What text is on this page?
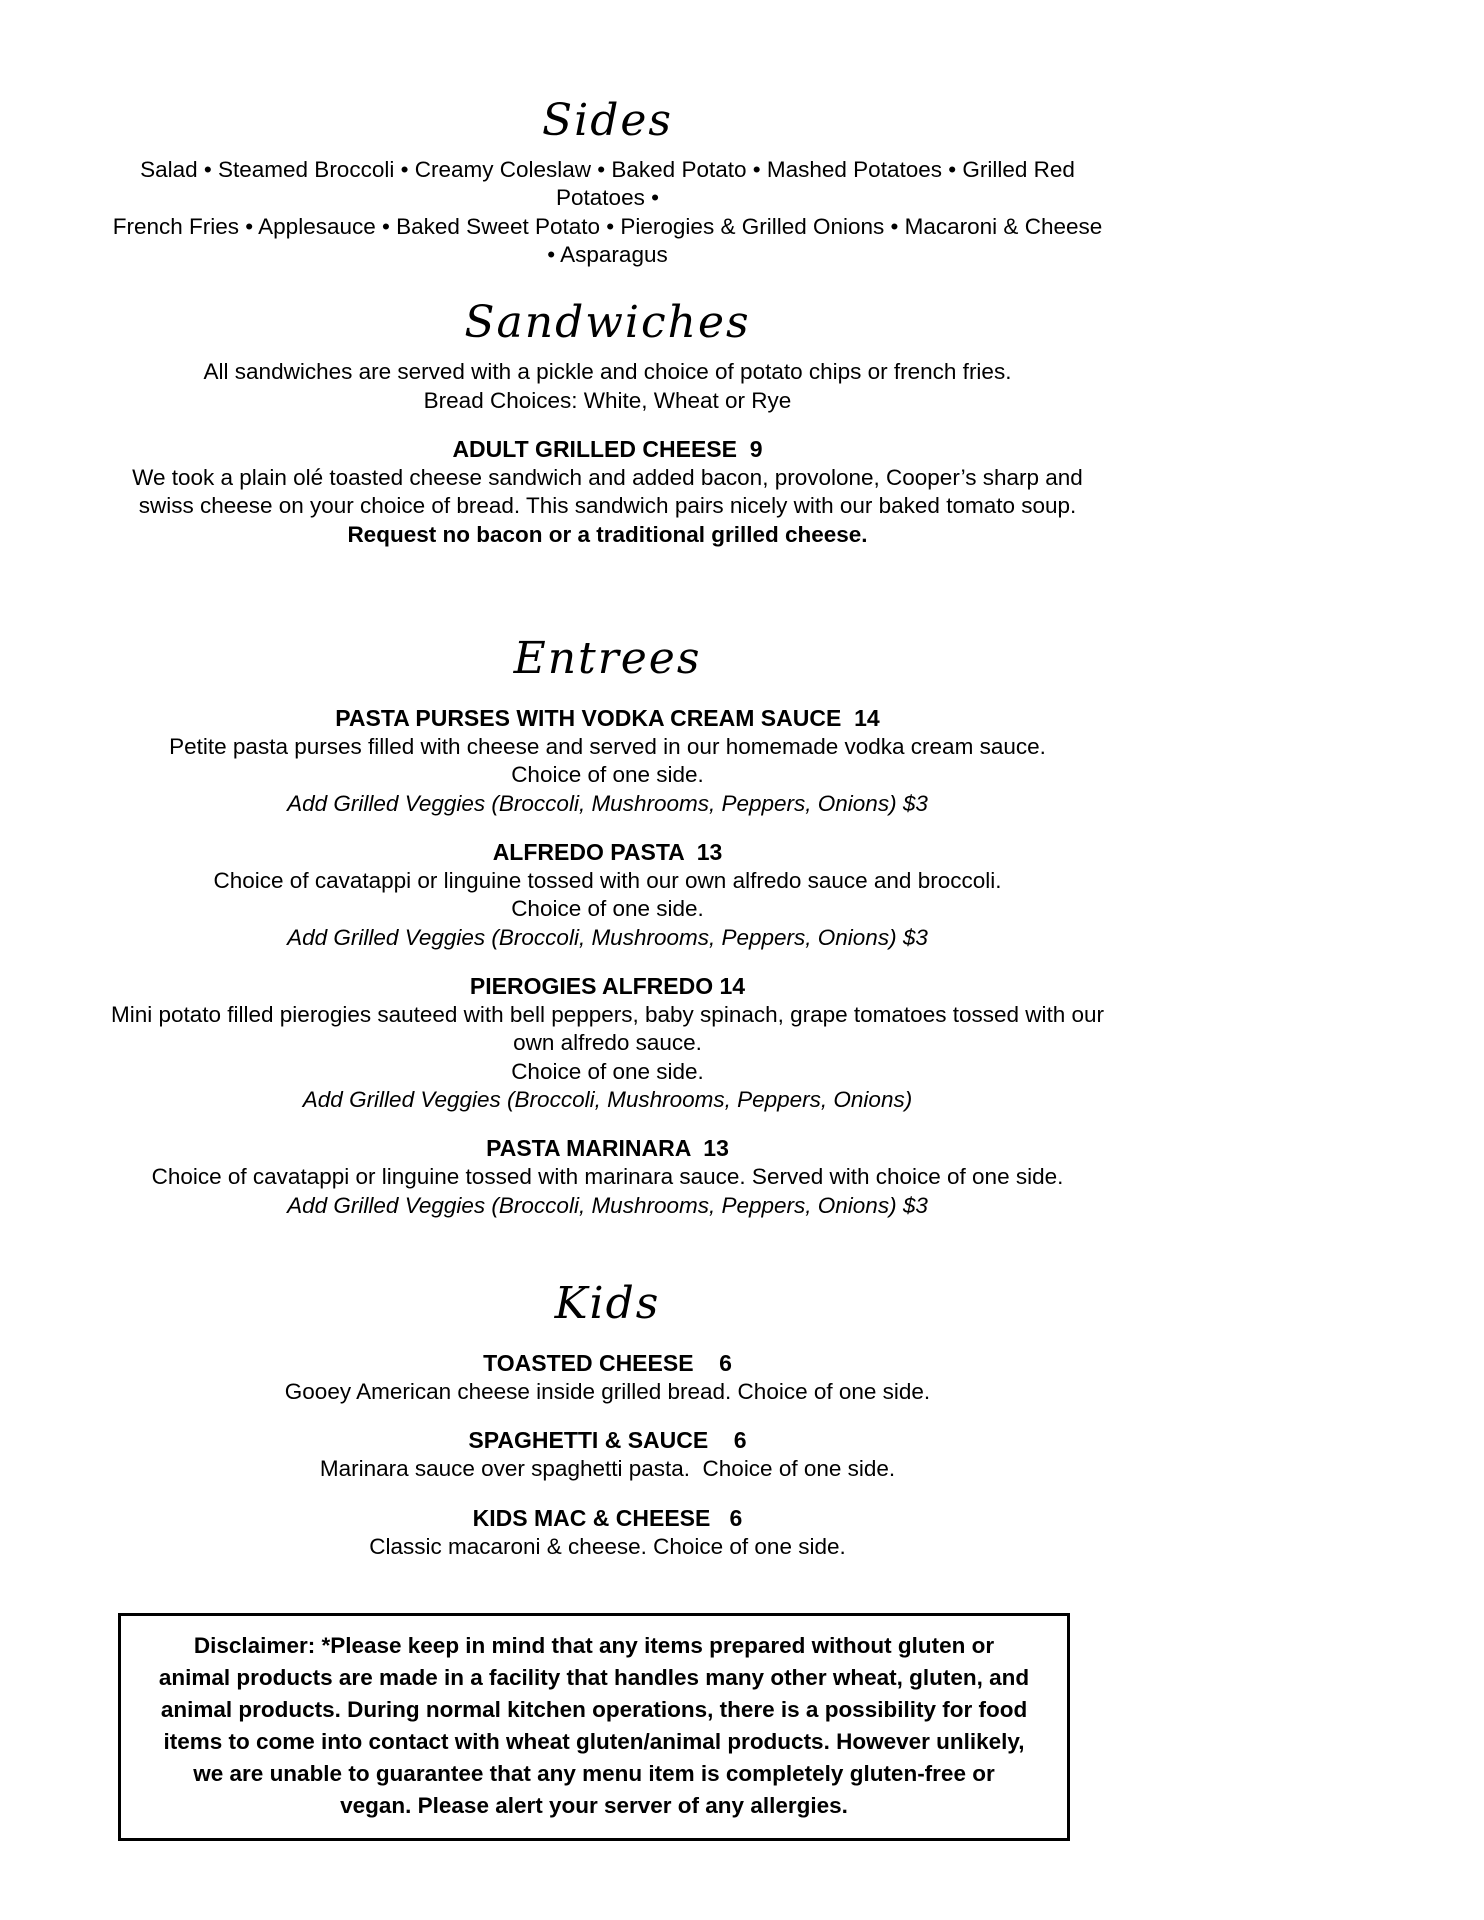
Sides
Salad • Steamed Broccoli • Creamy Coleslaw • Baked Potato • Mashed Potatoes • Grilled Red Potatoes •
French Fries • Applesauce • Baked Sweet Potato • Pierogies & Grilled Onions • Macaroni & Cheese • Asparagus
Sandwiches
All sandwiches are served with a pickle and choice of potato chips or french fries.
Bread Choices: White, Wheat or Rye
ADULT GRILLED CHEESE  9
We took a plain olé toasted cheese sandwich and added bacon, provolone, Cooper’s sharp and swiss cheese on your choice of bread. This sandwich pairs nicely with our baked tomato soup.
Request no bacon or a traditional grilled cheese.
Entrees
PASTA PURSES WITH VODKA CREAM SAUCE  14
Petite pasta purses filled with cheese and served in our homemade vodka cream sauce.
Choice of one side.
Add Grilled Veggies (Broccoli, Mushrooms, Peppers, Onions) $3
ALFREDO PASTA  13
Choice of cavatappi or linguine tossed with our own alfredo sauce and broccoli.
Choice of one side.
Add Grilled Veggies (Broccoli, Mushrooms, Peppers, Onions) $3
PIEROGIES ALFREDO 14
Mini potato filled pierogies sauteed with bell peppers, baby spinach, grape tomatoes tossed with our own alfredo sauce.
Choice of one side.
Add Grilled Veggies (Broccoli, Mushrooms, Peppers, Onions)
PASTA MARINARA  13
Choice of cavatappi or linguine tossed with marinara sauce. Served with choice of one side.
Add Grilled Veggies (Broccoli, Mushrooms, Peppers, Onions) $3
Kids
TOASTED CHEESE    6
Gooey American cheese inside grilled bread. Choice of one side.
SPAGHETTI & SAUCE    6
Marinara sauce over spaghetti pasta.  Choice of one side.
KIDS MAC & CHEESE   6
Classic macaroni & cheese. Choice of one side.
Disclaimer: *Please keep in mind that any items prepared without gluten or animal products are made in a facility that handles many other wheat, gluten, and animal products. During normal kitchen operations, there is a possibility for food items to come into contact with wheat gluten/animal products. However unlikely, we are unable to guarantee that any menu item is completely gluten-free or vegan. Please alert your server of any allergies.
